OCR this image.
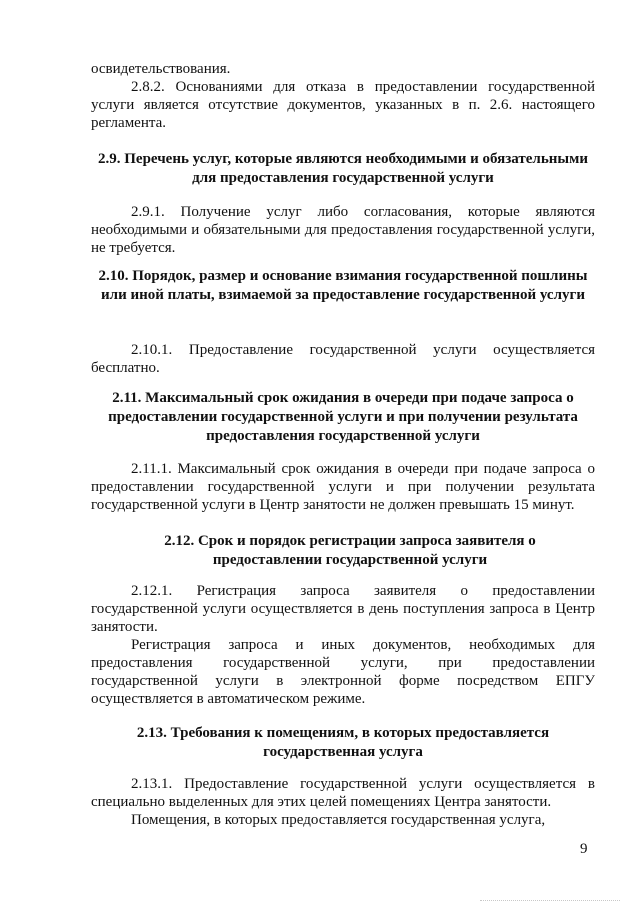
освидетельствования.

2.8.2. Основаниями для отказа в предоставлении государственной услуги является отсутствие документов, указанных в п. 2.6. настоящего регламента.

2.9. Перечень услуг, которые являются необходимыми и обязательными для предоставления государственной услуги

2.9.1. Получение услуг либо согласования, которые являются необходимыми и обязательными для предоставления государственной услуги, не требуется.

2.10. Порядок, размер и основание взимания государственной пошлины или иной платы, взимаемой за предоставление государственной услуги

2.10.1. Предоставление государственной услуги осуществляется бесплатно.

2.11. Максимальный срок ожидания в очереди при подаче запроса о предоставлении государственной услуги и при получении результата предоставления государственной услуги

2.11.1. Максимальный срок ожидания в очереди при подаче запроса о предоставлении государственной услуги и при получении результата государственной услуги в Центр занятости не должен превышать 15 минут.

2.12. Срок и порядок регистрации запроса заявителя о предоставлении государственной услуги

2.12.1. Регистрация запроса заявителя о предоставлении государственной услуги осуществляется в день поступления запроса в Центр занятости.

Регистрация запроса и иных документов, необходимых для предоставления государственной услуги, при предоставлении государственной услуги в электронной форме посредством ЕПГУ осуществляется в автоматическом режиме.

2.13. Требования к помещениям, в которых предоставляется государственная услуга

2.13.1. Предоставление государственной услуги осуществляется в специально выделенных для этих целей помещениях Центра занятости.

Помещения, в которых предоставляется государственная услуга,

9
